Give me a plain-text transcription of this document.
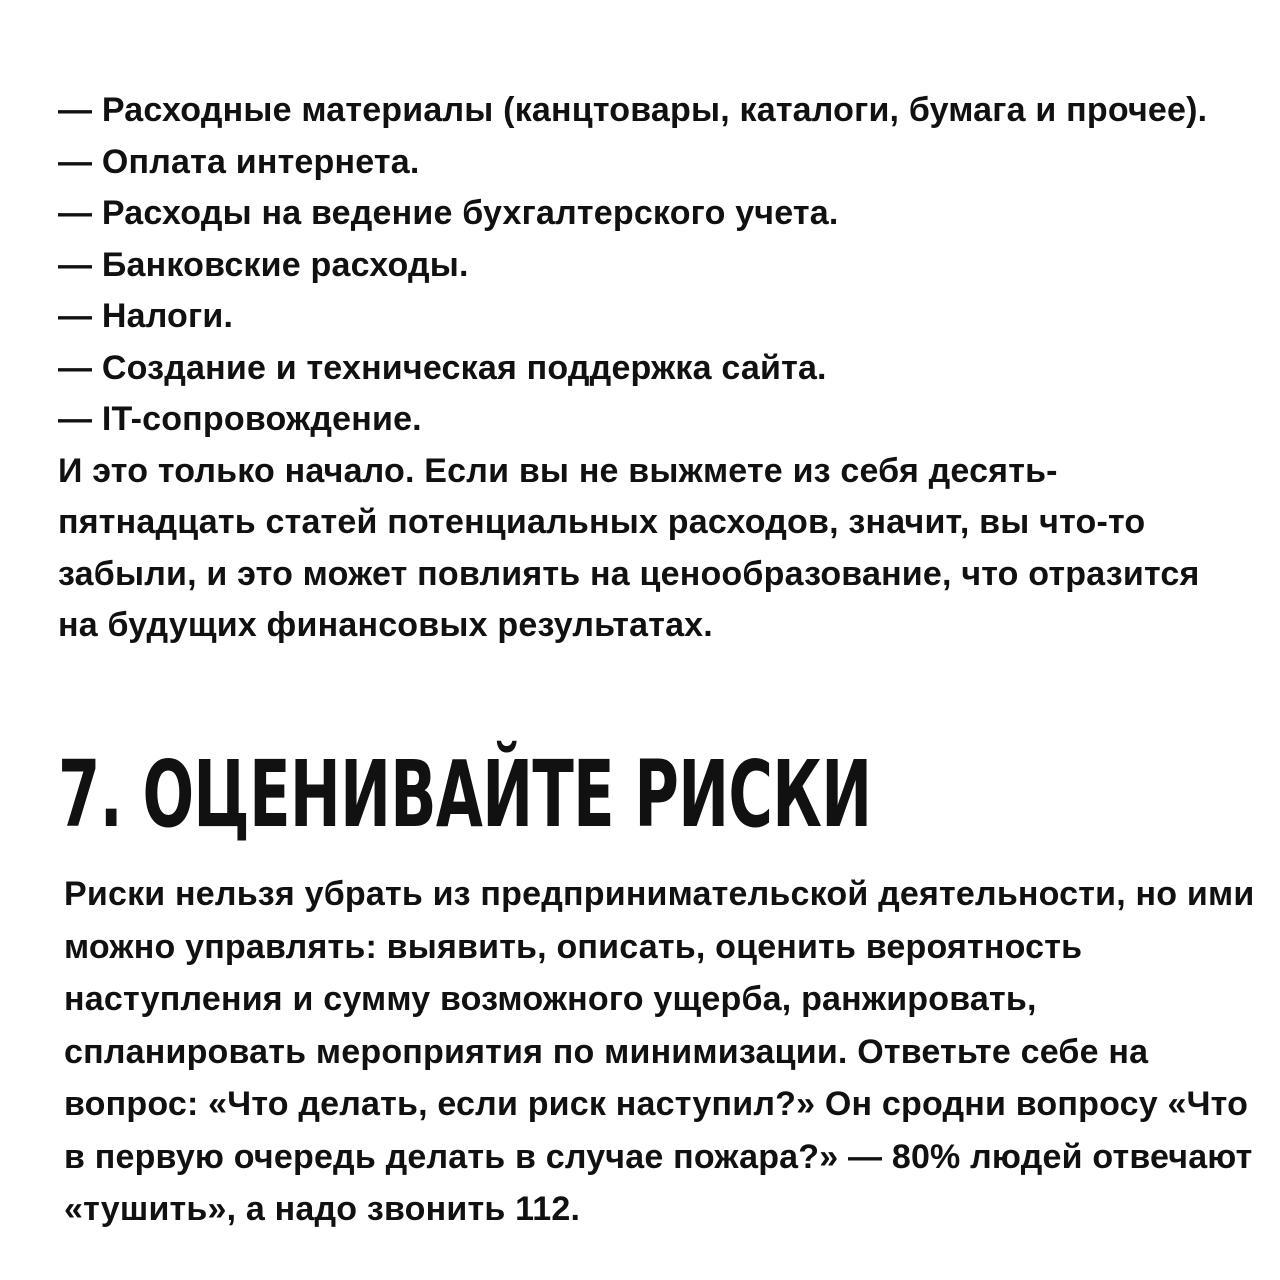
— Расходные материалы (канцтовары, каталоги, бумага и прочее).

— Оплата интернета.

— Расходы на ведение бухгалтерского учета.

— Банковские расходы.

— Налоги.

— Создание и техническая поддержка сайта.

— IT-сопровождение.

И это только начало. Если вы не выжмете из себя десять-пятнадцать статей потенциальных расходов, значит, вы что-то забыли, и это может повлиять на ценообразование, что отразится на будущих финансовых результатах.

7. ОЦЕНИВАЙТЕ РИСКИ

Риски нельзя убрать из предпринимательской деятельности, но ими можно управлять: выявить, описать, оценить вероятность наступления и сумму возможного ущерба, ранжировать, спланировать мероприятия по минимизации. Ответьте себе на вопрос: «Что делать, если риск наступил?» Он сродни вопросу «Что в первую очередь делать в случае пожара?» — 80% людей отвечают «тушить», а надо звонить 112.
